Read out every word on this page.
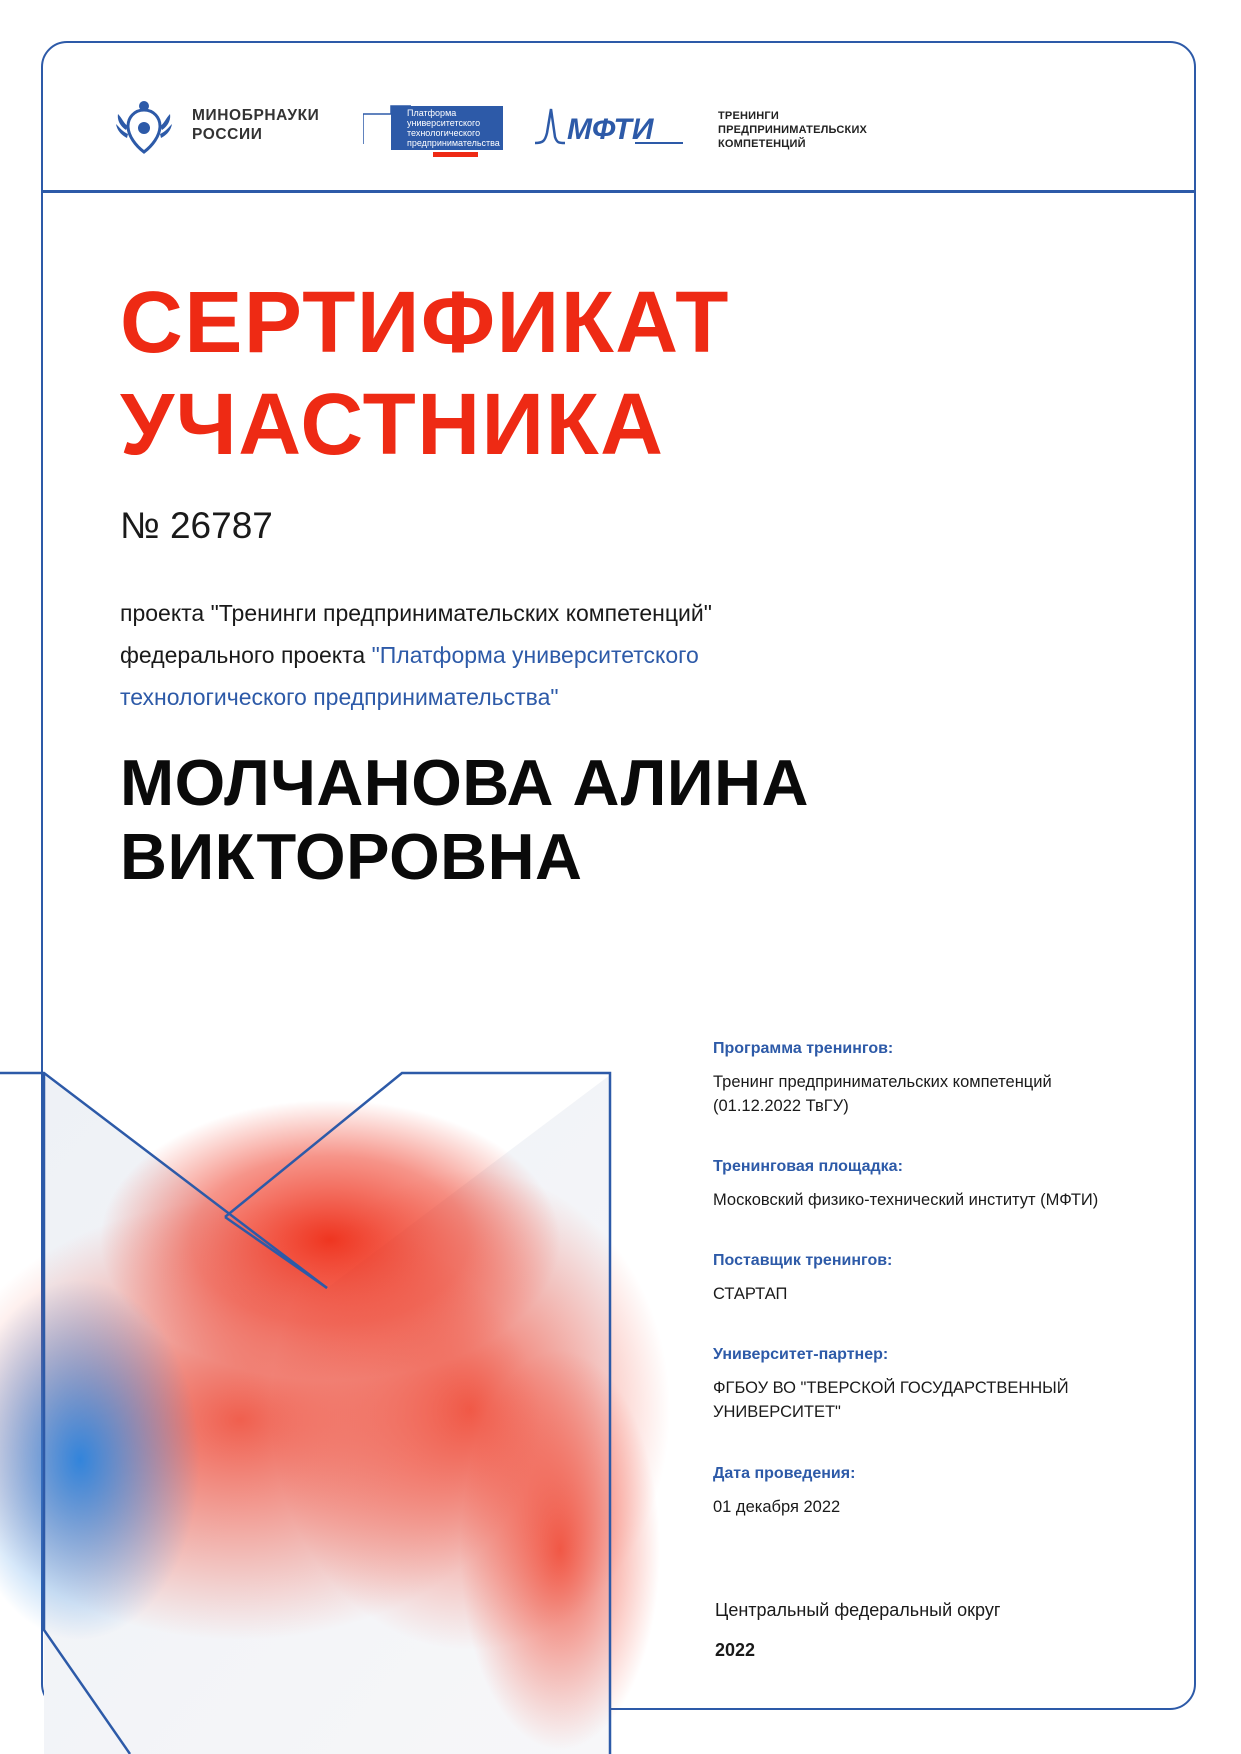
МИНОБРНАУКИ
РОССИИ
Платформа
университетского
технологического
предпринимательства МФТИ	ТРЕНИНГИ
ПРЕДПРИНИМАТЕЛЬСКИХ
КОМПЕТЕНЦИЙ
СЕРТИФИКАТ
УЧАСТНИКА
№ 26787
проекта "Тренинги предпринимательских компетенций"
федерального проекта "Платформа университетского
технологического предпринимательства"
МОЛЧАНОВА АЛИНА
ВИКТОРОВНА
Программа тренингов:
Тренинг предпринимательских компетенций
(01.12.2022 ТвГУ)
Тренинговая площадка:
Московский физико-технический институт (МФТИ)
Поставщик тренингов:
СТАРТАП
Университет-партнер:
ФГБОУ ВО "ТВЕРСКОЙ ГОСУДАРСТВЕННЫЙ
УНИВЕРСИТЕТ"
Дата проведения:
01 декабря 2022
Центральный федеральный округ
2022
